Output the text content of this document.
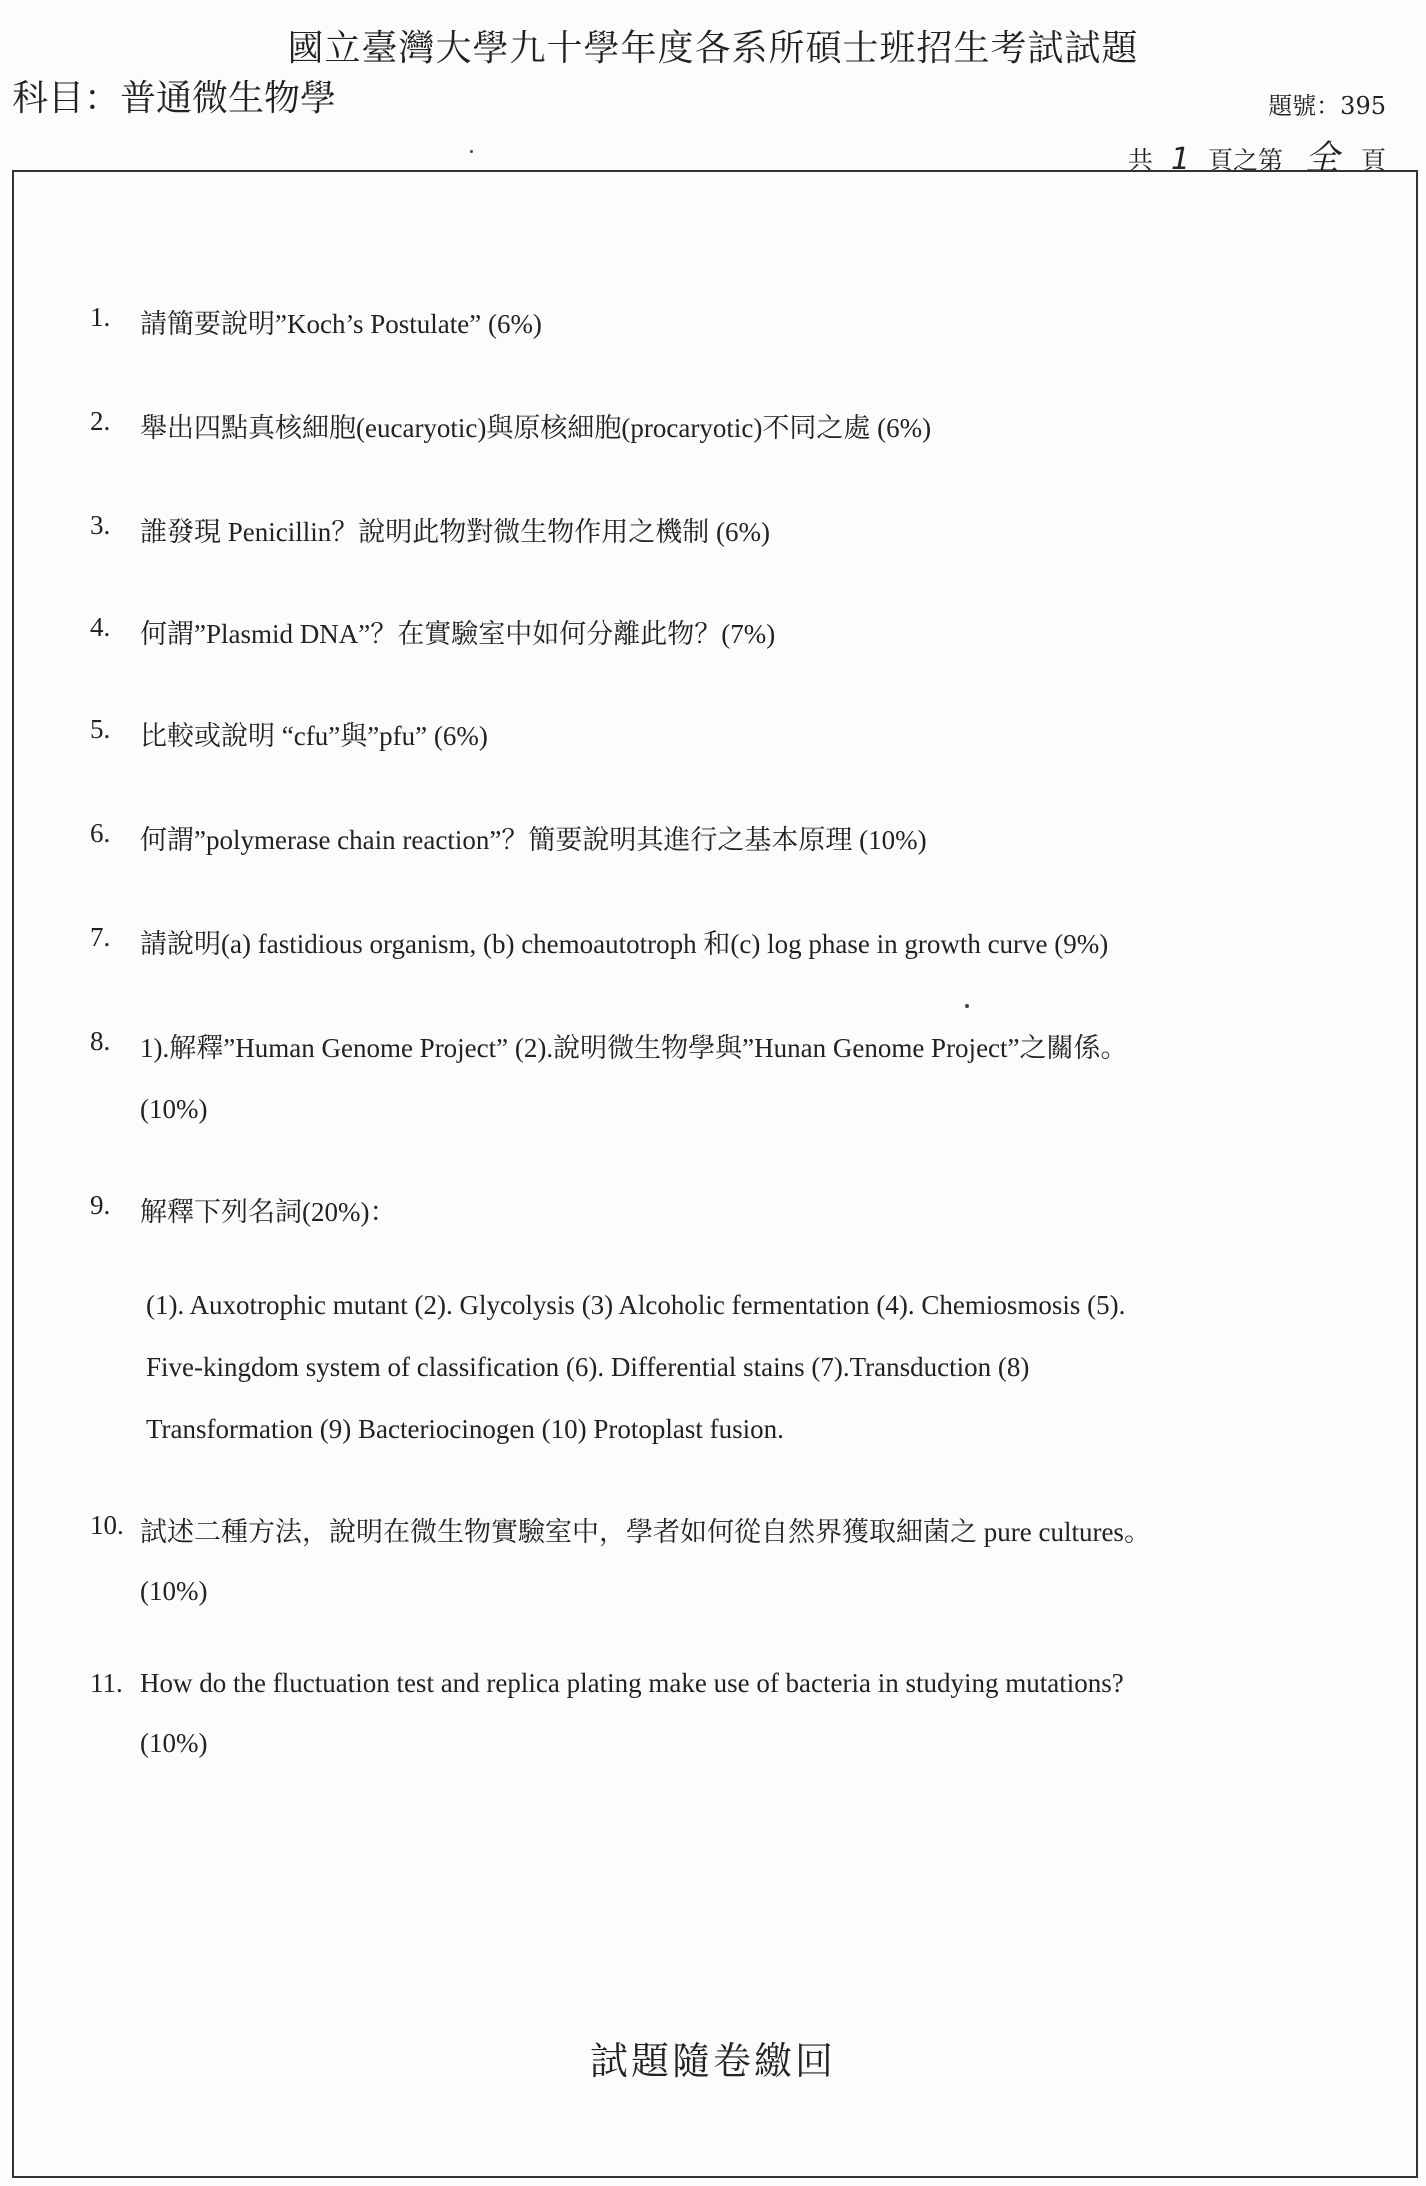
國立臺灣大學九十學年度各系所碩士班招生考試試題
科目：普通微生物學	題號：395
共 1 頁之第 全 頁
1.	請簡要說明”Koch’s Postulate” (6%)
2.	舉出四點真核細胞(eucaryotic)與原核細胞(procaryotic)不同之處 (6%)
3.	誰發現 Penicillin？說明此物對微生物作用之機制 (6%)
4.	何謂”Plasmid DNA”？在實驗室中如何分離此物？(7%)
5.	比較或說明 “cfu”與”pfu” (6%)
6.	何謂”polymerase chain reaction”？簡要說明其進行之基本原理 (10%)
7.	請說明(a) fastidious organism, (b) chemoautotroph 和(c) log phase in growth curve (9%)
8.	1).解釋”Human Genome Project” (2).說明微生物學與”Hunan Genome Project”之關係。
(10%)
9.	解釋下列名詞(20%)：
(1). Auxotrophic mutant (2). Glycolysis (3) Alcoholic fermentation (4). Chemiosmosis (5).
Five-kingdom system of classification (6). Differential stains (7).Transduction (8)
Transformation (9) Bacteriocinogen (10) Protoplast fusion.
10. 試述二種方法，說明在微生物實驗室中，學者如何從自然界獲取細菌之 pure cultures。
(10%)
11. How do the fluctuation test and replica plating make use of bacteria in studying mutations?
(10%)
試題隨卷繳回
